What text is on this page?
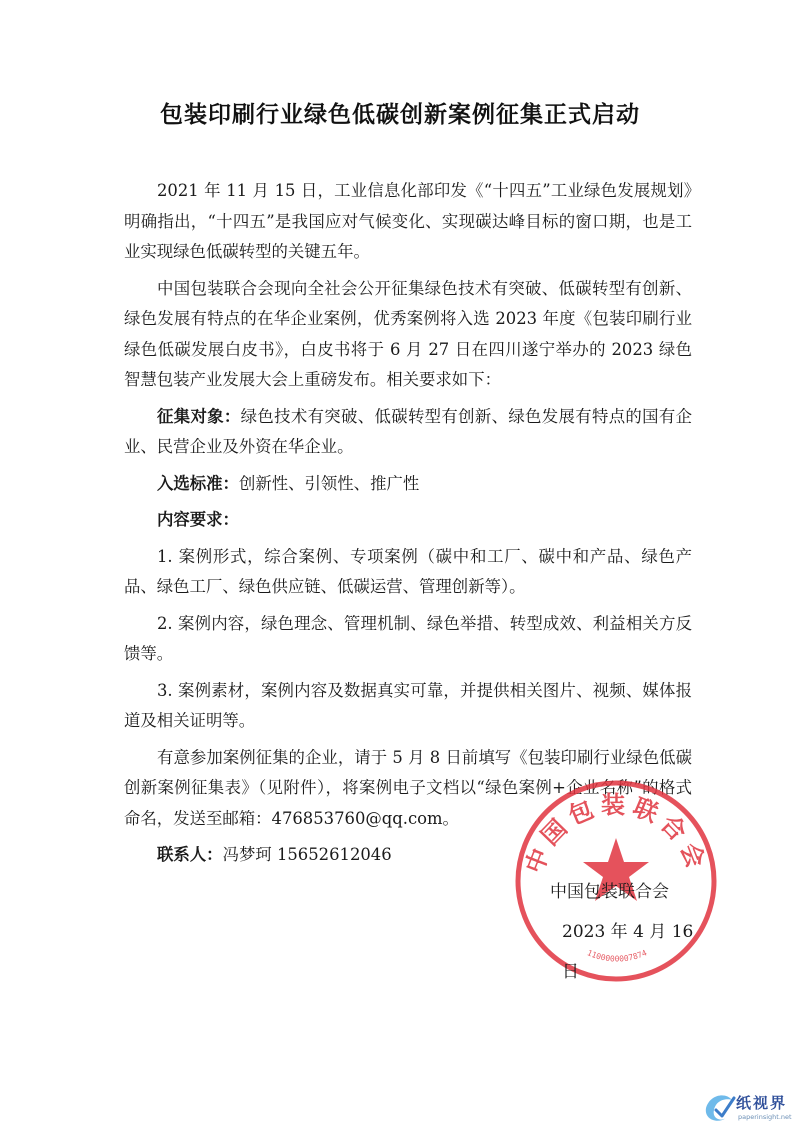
包装印刷行业绿色低碳创新案例征集正式启动

2021 年 11 月 15 日，工业信息化部印发《“十四五”工业绿色发展规划》明确指出，“十四五”是我国应对气候变化、实现碳达峰目标的窗口期，也是工业实现绿色低碳转型的关键五年。

中国包装联合会现向全社会公开征集绿色技术有突破、低碳转型有创新、绿色发展有特点的在华企业案例，优秀案例将入选 2023 年度《包装印刷行业绿色低碳发展白皮书》，白皮书将于 6 月 27 日在四川遂宁举办的 2023 绿色智慧包装产业发展大会上重磅发布。相关要求如下：

征集对象：绿色技术有突破、低碳转型有创新、绿色发展有特点的国有企业、民营企业及外资在华企业。

入选标准：创新性、引领性、推广性

内容要求：

1. 案例形式，综合案例、专项案例（碳中和工厂、碳中和产品、绿色产品、绿色工厂、绿色供应链、低碳运营、管理创新等）。

2. 案例内容，绿色理念、管理机制、绿色举措、转型成效、利益相关方反馈等。

3. 案例素材，案例内容及数据真实可靠，并提供相关图片、视频、媒体报道及相关证明等。

有意参加案例征集的企业，请于 5 月 8 日前填写《包装印刷行业绿色低碳创新案例征集表》（见附件），将案例电子文档以“绿色案例+企业名称”的格式命名，发送至邮箱：476853760@qq.com。

联系人：冯梦珂 15652612046	中国包装联合会
1100000007874
中国包装联合会
2023 年 4 月 16 日
纸视界
paperinsight.net
